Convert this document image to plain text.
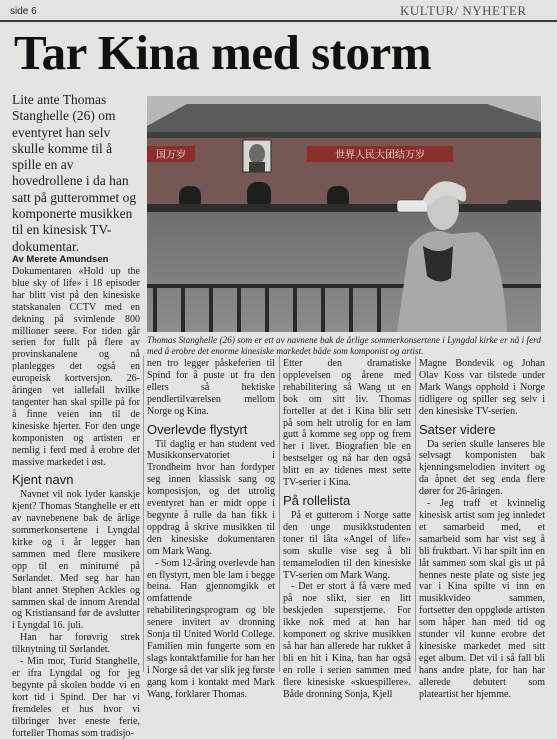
side 6	KULTUR/ NYHETER
Tar Kina med storm

Lite ante Thomas Stanghelle (26) om eventyret han selv skulle komme til å spille en av hovedrollene i da han satt på gutterommet og komponerte musikken til en kinesisk TV-dokumentar.

Av Merete Amundsen
国万岁	世界人民大团结万岁

Thomas Stanghelle (26) som er ett av navnene bak de årlige sommerkonsertene i Lyngdal kirke er nå i ferd med å erobre det enorme kinesiske markedet både som komponist og artist.

Dokumentaren «Hold up the blue sky of life» i 18 episoder har blitt vist på den kinesiske statskanalen CCTV med en dekning på svimlende 800 millioner seere. For tiden går serien for fullt på flere av provinskanalene og nå planlegges det også en europeisk kortversjon. 26-åringen vet iallefall hvilke tangenter han skal spille på for å finne veien inn til de kinesiske hjerter. For den unge komponisten og artisten er nemlig i ferd med å erobre det massive markedet i øst.

Kjent navn

Navnet vil nok lyder kanskje kjent? Thomas Stanghelle er ett av navnebenene bak de årlige sommerkonsertene i Lyngdal kirke og i år legger han sammen med flere musikere opp til en miniturné på Sørlandet. Med seg har han blant annet Stephen Ackles og sammen skal de innom Arendal og Kristiansand før de avslutter i Lyngdal 16. juli.

Han har forøvrig strek tilknytning til Sørlandet.

- Min mor, Turid Stanghelle, er ifra Lyngdal og for jeg begynte på skolen bodde vi en kort tid i Spind. Der har vi fremdeles et hus hvor vi tilbringer hver eneste ferie, forteller Thomas som tradisjo-

nen tro legger påskeferien til Spind for å puste ut fra den ellers så hektiske pendlertilværelsen mellom Norge og Kina.

Overlevde flystyrt

Til daglig er han student ved Musikkonservatoriet i Trondheim hvor han fordyper seg innen klassisk sang og komposisjon, og det utrolig eventyret han er midt oppe i begynte å rulle da han fikk i oppdrag å skrive musikken til den kinesiske dokumentaren om Mark Wang.

- Som 12-åring overlevde han en flystyrt, men ble lam i begge beina. Han gjennomgikk et omfattende rehabiliteringsprogram og ble senere invitert av dronning Sonja til United World College. Familien min fungerte som en slags kontaktfamilie for han her i Norge så det var slik jeg første gang kom i kontakt med Mark Wang, forklarer Thomas.

Etter den dramatiske opplevelsen og årene med rehabilitering så Wang ut en bok om sitt liv. Thomas forteller at det i Kina blir sett på som helt utrolig for en lam gutt å komme seg opp og frem her i livet. Biografien ble en bestselger og nå har den også blitt en av tidenes mest sette TV-serier i Kina.

På rollelista

På et gutterom i Norge satte den unge musikkstudenten toner til låta «Angel of life» som skulle vise seg å bli temamelodien til den kinesiske TV-serien om Mark Wang.

- Det er stort å få være med på noe slikt, sier en litt beskjeden superstjerne. For ikke nok med at han har komponert og skrive musikken så har han allerede har rukket å bli en hit i Kina, han har også en rolle i serien sammen med flere kinesiske «skuespillere». Både dronning Sonja, Kjell

Magne Bondevik og Johan Olav Koss var tilstede under Mark Wangs opphold i Norge tidligere og spiller seg selv i den kinesiske TV-serien.

Satser videre

Da serien skulle lanseres ble selvsagt komponisten bak kjenningsmelodien invitert og da åpnet det seg enda flere dører for 26-åringen.

- Jeg traff et kvinnelig kinesisk artist som jeg innledet et samarbeid med, et samarbeid som har vist seg å bli fruktbart. Vi har spilt inn en låt sammen som skal gis ut på hennes neste plate og siste jeg var i Kina spilte vi inn en musikkvideo sammen, fortsetter den oppgløde artisten som håper han med tid og stunder vil kunne erobre det kinesiske markedet med sitt eget album. Det vil i så fall bli hans andre plate, for han har allerede debutert som plateartist her hjemme.
